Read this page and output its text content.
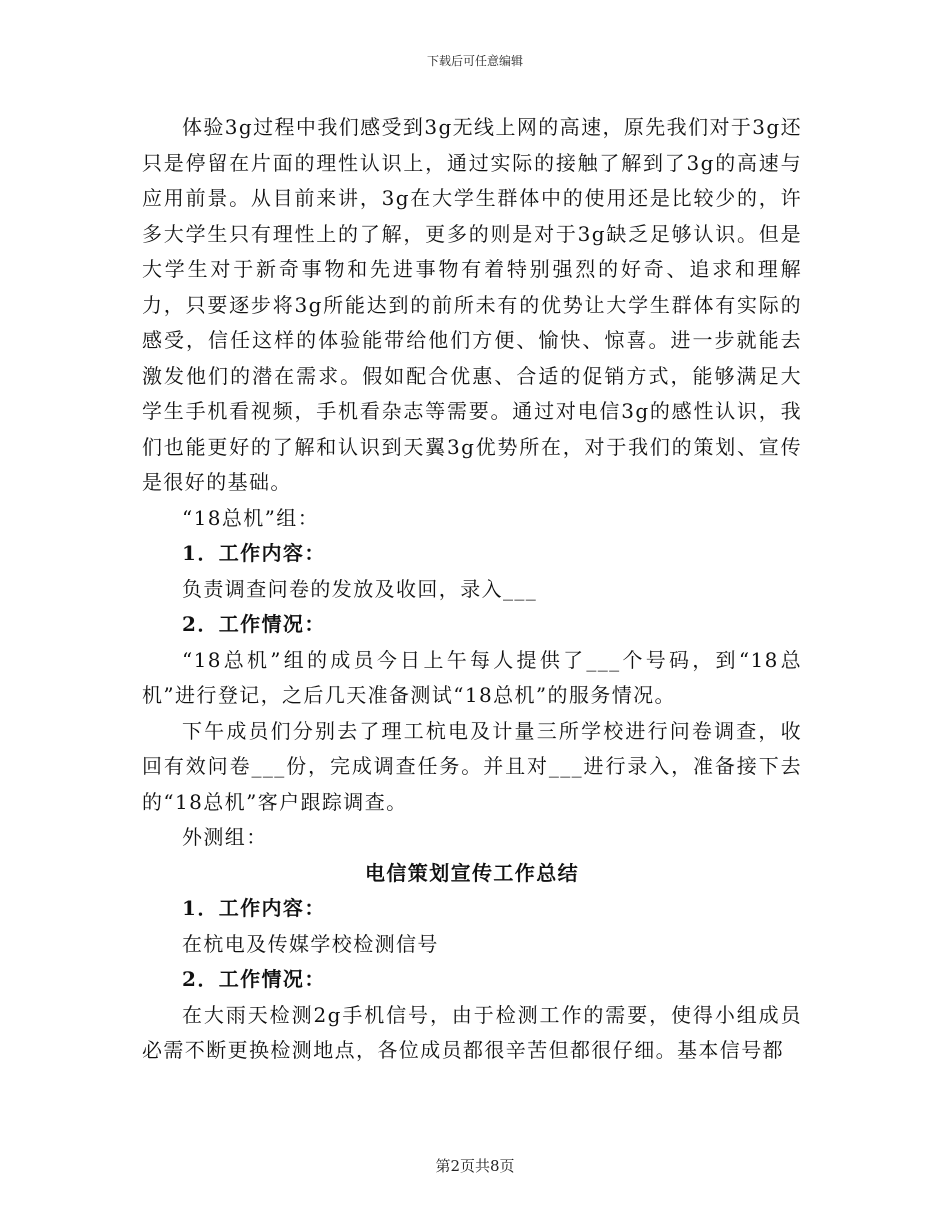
下载后可任意编辑

体验3g过程中我们感受到3g无线上网的高速，原先我们对于3g还只是停留在片面的理性认识上，通过实际的接触了解到了3g的高速与应用前景。从目前来讲，3g在大学生群体中的使用还是比较少的，许多大学生只有理性上的了解，更多的则是对于3g缺乏足够认识。但是大学生对于新奇事物和先进事物有着特别强烈的好奇、追求和理解力，只要逐步将3g所能达到的前所未有的优势让大学生群体有实际的感受，信任这样的体验能带给他们方便、愉快、惊喜。进一步就能去激发他们的潜在需求。假如配合优惠、合适的促销方式，能够满足大学生手机看视频，手机看杂志等需要。通过对电信3g的感性认识，我们也能更好的了解和认识到天翼3g优势所在，对于我们的策划、宣传是很好的基础。

“18总机”组：

1．工作内容：

负责调查问卷的发放及收回，录入___

2．工作情况：

“18总机”组的成员今日上午每人提供了___个号码，到“18总机”进行登记，之后几天准备测试“18总机”的服务情况。

下午成员们分别去了理工杭电及计量三所学校进行问卷调查，收回有效问卷___份，完成调查任务。并且对___进行录入，准备接下去的“18总机”客户跟踪调查。

外测组：

电信策划宣传工作总结

1．工作内容：

在杭电及传媒学校检测信号

2．工作情况：

在大雨天检测2g手机信号，由于检测工作的需要，使得小组成员必需不断更换检测地点，各位成员都很辛苦但都很仔细。基本信号都

第2页共8页
